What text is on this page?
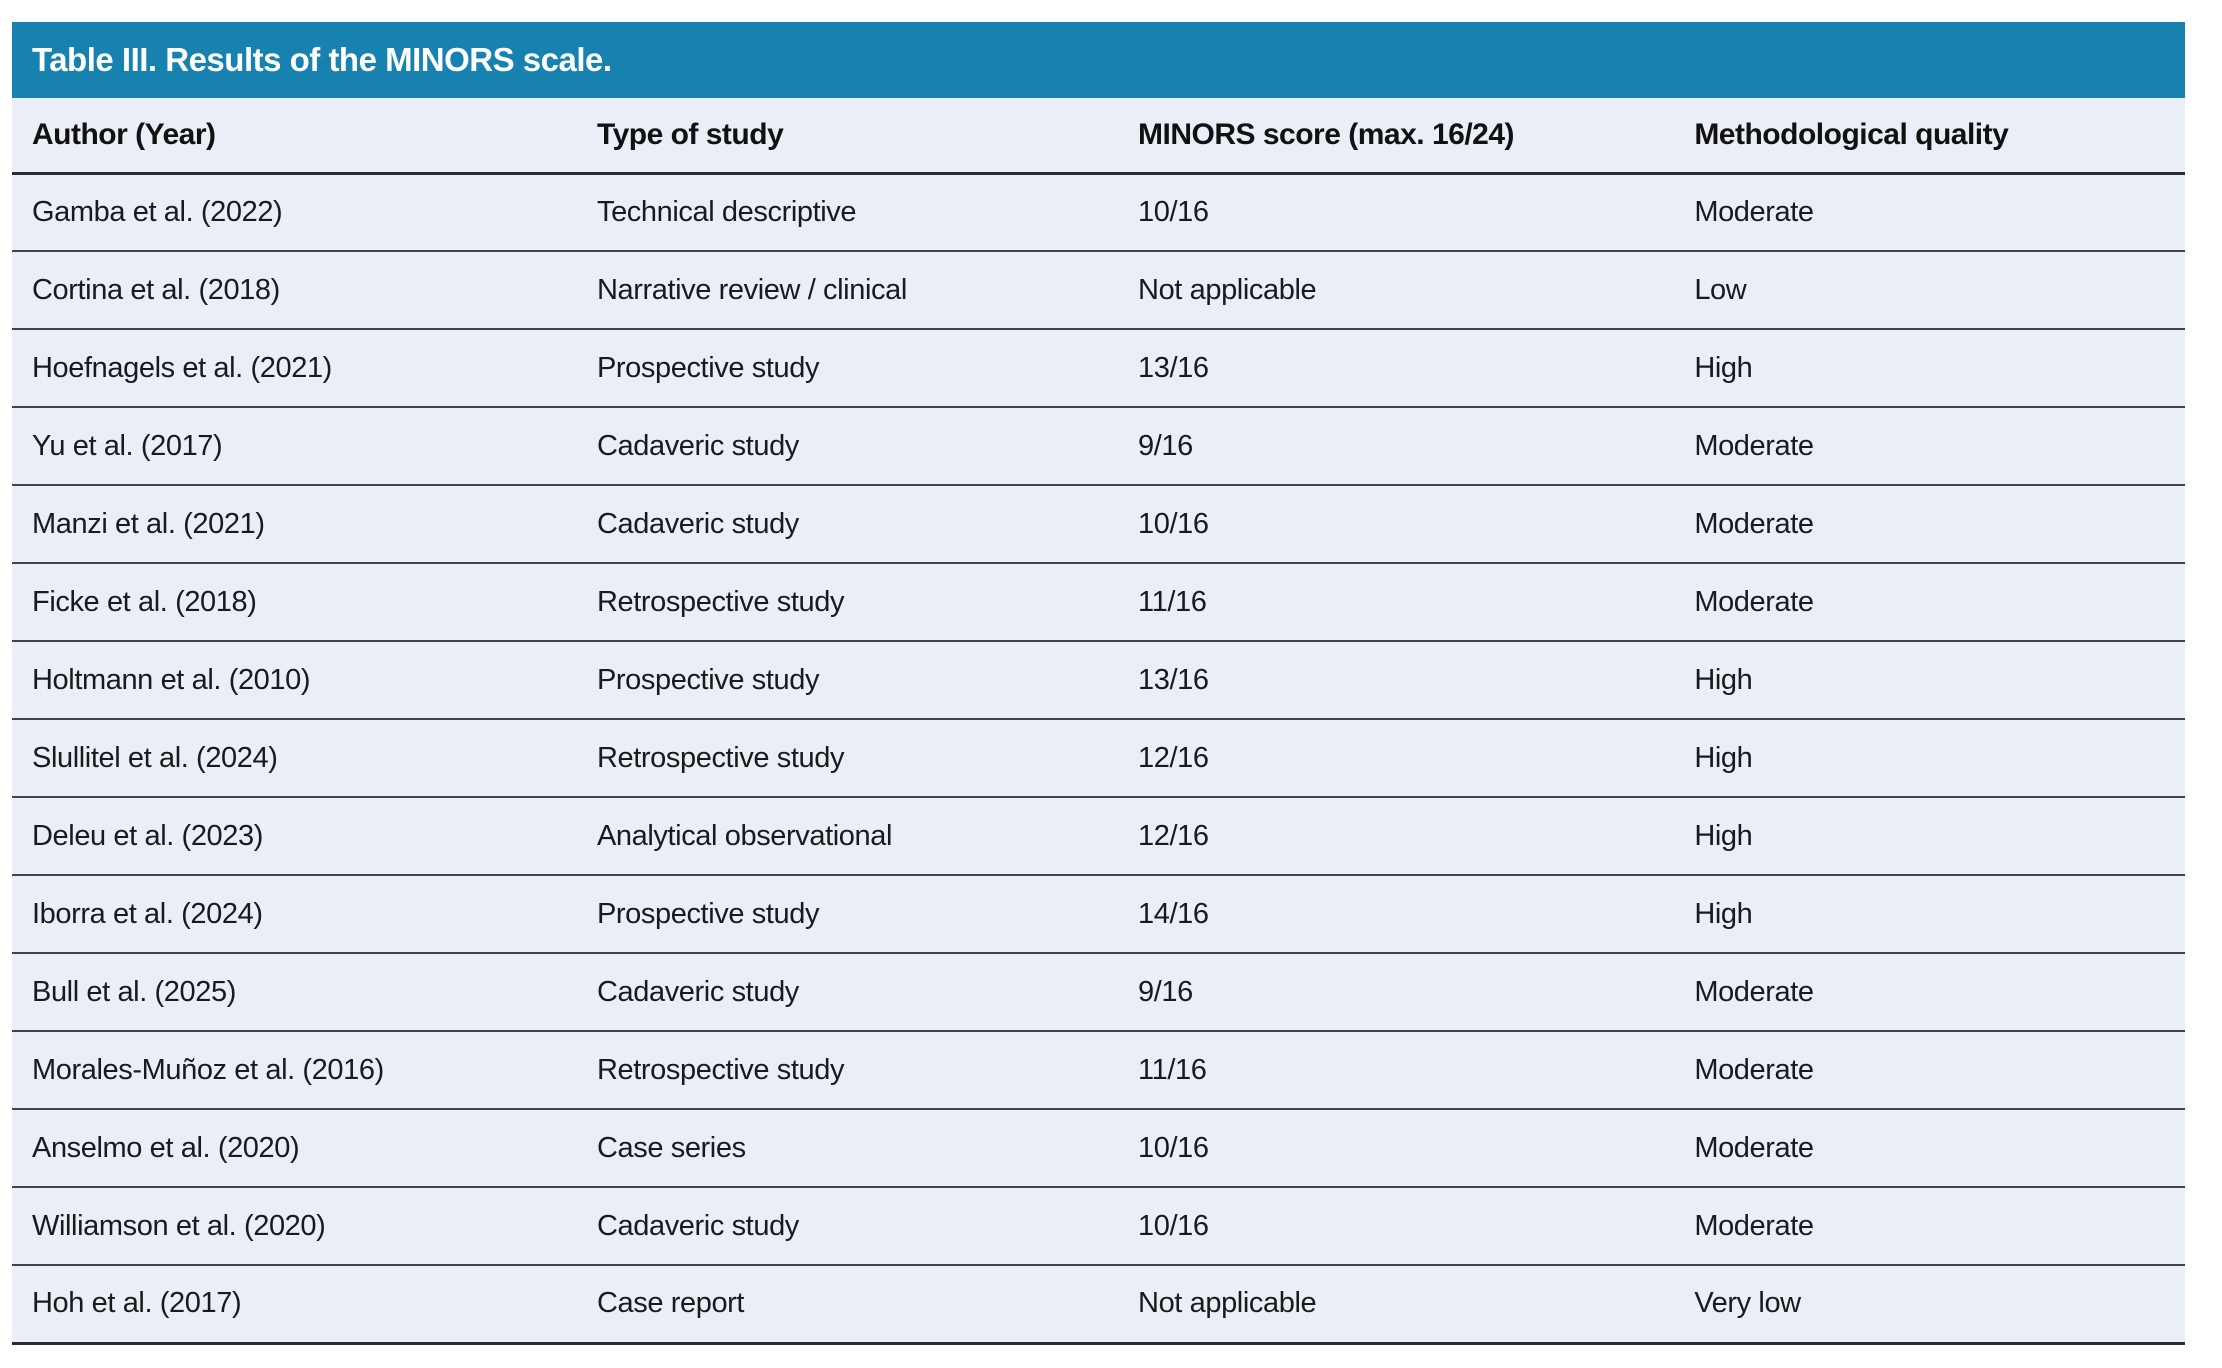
Table III. Results of the MINORS scale.
Author (Year)	Type of study	MINORS score (max. 16/24)	Methodological quality
Gamba et al. (2022)	Technical descriptive	10/16	Moderate
Cortina et al. (2018)	Narrative review / clinical	Not applicable	Low
Hoefnagels et al. (2021)	Prospective study	13/16	High
Yu et al. (2017)	Cadaveric study	9/16	Moderate
Manzi et al. (2021)	Cadaveric study	10/16	Moderate
Ficke et al. (2018)	Retrospective study	11/16	Moderate
Holtmann et al. (2010)	Prospective study	13/16	High
Slullitel et al. (2024)	Retrospective study	12/16	High
Deleu et al. (2023)	Analytical observational	12/16	High
Iborra et al. (2024)	Prospective study	14/16	High
Bull et al. (2025)	Cadaveric study	9/16	Moderate
Morales-Muñoz et al. (2016)	Retrospective study	11/16	Moderate
Anselmo et al. (2020)	Case series	10/16	Moderate
Williamson et al. (2020)	Cadaveric study	10/16	Moderate
Hoh et al. (2017)	Case report	Not applicable	Very low
